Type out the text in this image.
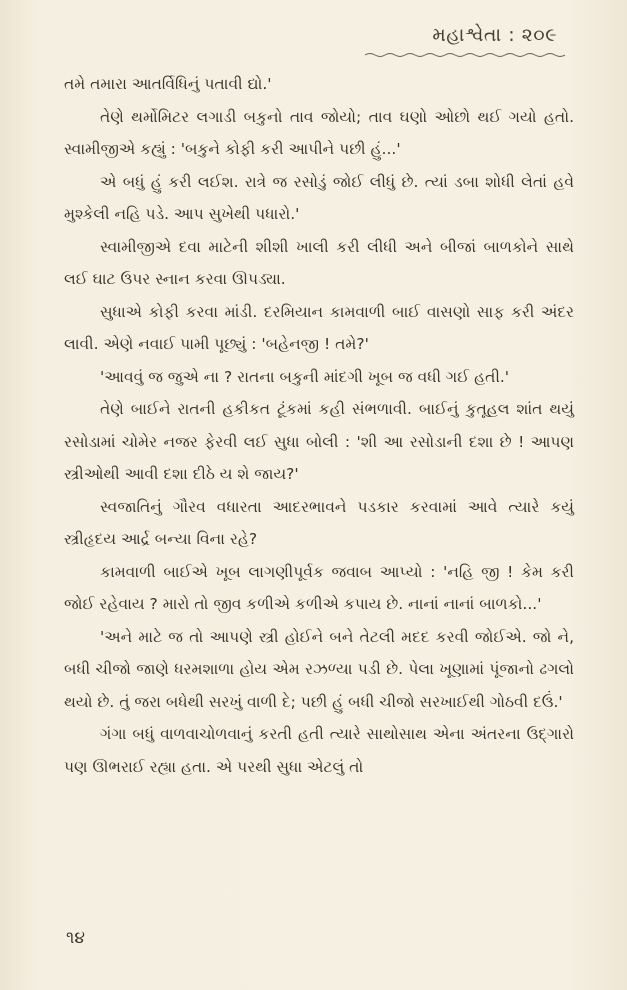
મહાશ્વેતા : ૨૦૯

તમે તમારા આતર્વિધિનું પતાવી દ્યો.'

તેણે થર્મોમિટર લગાડી બકુનો તાવ જોયો; તાવ ઘણો ઓછો થઈ ગયો હતો. સ્વામીજીએ કહ્યું : 'બકુને કોફી કરી આપીને પછી હું...'

એ બધું હું કરી લઈશ. રાત્રે જ રસોડું જોઈ લીધું છે. ત્યાં ડબા શોધી લેતાં હવે મુશ્કેલી નહિ પડે. આપ સુખેથી પધારો.'

સ્વામીજીએ દવા માટેની શીશી ખાલી કરી લીધી અને બીજાં બાળકોને સાથે લઈ ઘાટ ઉપર સ્નાન કરવા ઊપડ્યા.

સુધાએ કોફી કરવા માંડી. દરમિયાન કામવાળી બાઈ વાસણો સાફ કરી અંદર લાવી. એણે નવાઈ પામી પૂછ્યું : 'બહેનજી ! તમે?'

'આવવું જ જુએ ના ? રાતના બકુની માંદગી ખૂબ જ વધી ગઈ હતી.'

તેણે બાઈને રાતની હકીકત ટૂંકમાં કહી સંભળાવી. બાઈનું કુતૂહલ શાંત થયું રસોડામાં ચોમેર નજર ફેરવી લઈ સુધા બોલી : 'શી આ રસોડાની દશા છે ! આપણ સ્ત્રીઓથી આવી દશા દીઠે ય શે જાય?'

સ્વજાતિનું ગૌરવ વધારતા આદરભાવને પડકાર કરવામાં આવે ત્યારે કયું સ્ત્રીહૃદય આર્દ્ર બન્યા વિના રહે?

કામવાળી બાઈએ ખૂબ લાગણીપૂર્વક જવાબ આપ્યો : 'નહિ જી ! કેમ કરી જોઈ રહેવાય ? મારો તો જીવ કળીએ કળીએ કપાય છે. નાનાં નાનાં બાળકો...'

'અને માટે જ તો આપણે સ્ત્રી હોઈને બને તેટલી મદદ કરવી જોઈએ. જો ને, બધી ચીજો જાણે ધરમશાળા હોય એમ રઝળ્યા પડી છે. પેલા ખૂણામાં પૂંજાનો ઢગલો થયો છે. તું જરા બધેથી સરખું વાળી દે; પછી હું બધી ચીજો સરખાઈથી ગોઠવી દઉં.'

ગંગા બધું વાળવાચોળવાનું કરતી હતી ત્યારે સાથોસાથ એના અંતરના ઉદ્ગારો પણ ઊભરાઈ રહ્યા હતા. એ પરથી સુધા એટલું તો

૧૪
